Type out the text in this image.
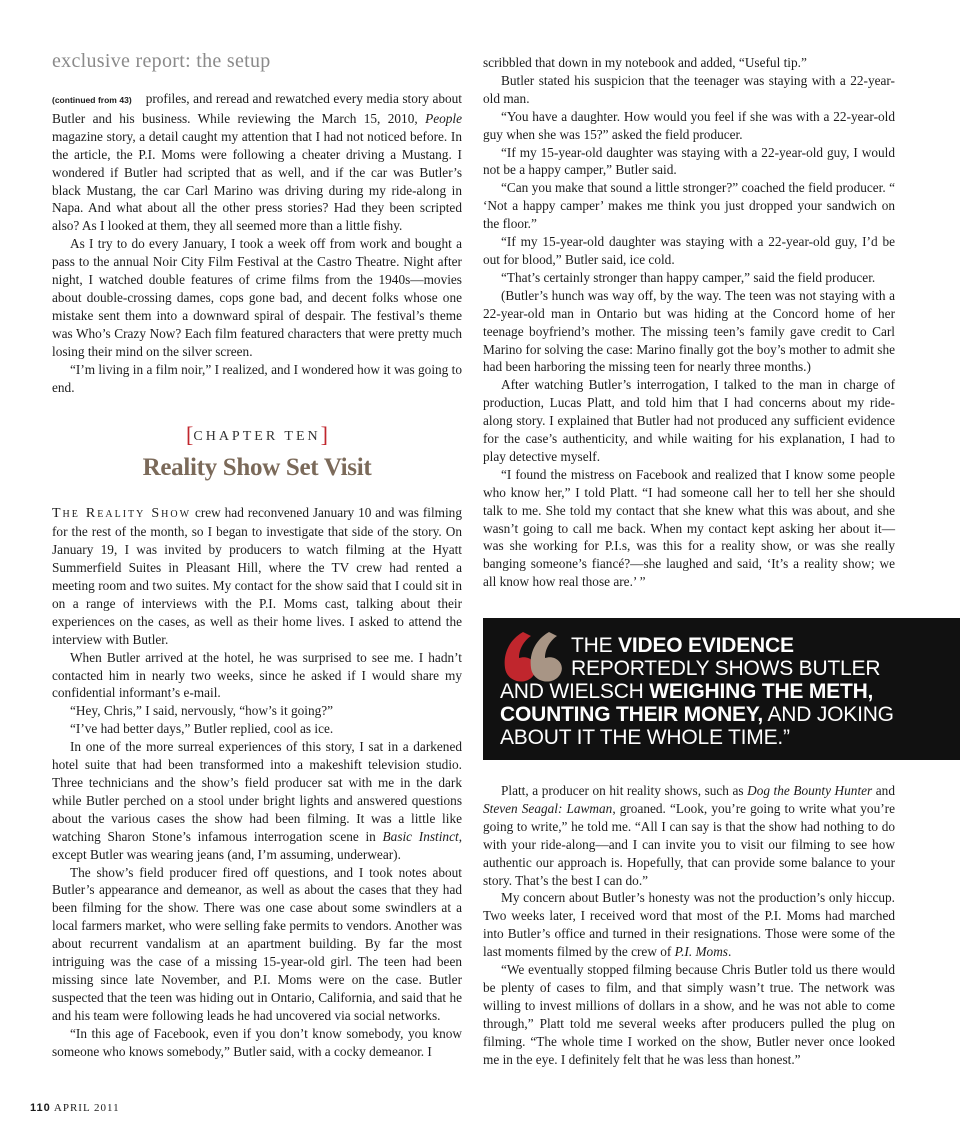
exclusive report: the setup

(continued from 43) profiles, and reread and rewatched every media story about Butler and his business. While reviewing the March 15, 2010, People magazine story, a detail caught my attention that I had not noticed before. In the article, the P.I. Moms were following a cheater driving a Mustang. I wondered if Butler had scripted that as well, and if the car was Butler’s black Mustang, the car Carl Marino was driving during my ride-along in Napa. And what about all the other press stories? Had they been scripted also? As I looked at them, they all seemed more than a little fishy.

As I try to do every January, I took a week off from work and bought a pass to the annual Noir City Film Festival at the Castro Theatre. Night after night, I watched double features of crime films from the 1940s—movies about double-crossing dames, cops gone bad, and decent folks whose one mistake sent them into a downward spiral of despair. The festival’s theme was Who’s Crazy Now? Each film featured characters that were pretty much losing their mind on the silver screen.

“I’m living in a film noir,” I realized, and I wondered how it was going to end.

[CHAPTER TEN]
Reality Show Set Visit

The Reality Show crew had reconvened January 10 and was filming for the rest of the month, so I began to investigate that side of the story. On January 19, I was invited by producers to watch filming at the Hyatt Summerfield Suites in Pleasant Hill, where the TV crew had rented a meeting room and two suites. My contact for the show said that I could sit in on a range of interviews with the P.I. Moms cast, talking about their experiences on the cases, as well as their home lives. I asked to attend the interview with Butler.

When Butler arrived at the hotel, he was surprised to see me. I hadn’t contacted him in nearly two weeks, since he asked if I would share my confidential informant’s e-mail.

“Hey, Chris,” I said, nervously, “how’s it going?”

“I’ve had better days,” Butler replied, cool as ice.

In one of the more surreal experiences of this story, I sat in a darkened hotel suite that had been transformed into a makeshift television studio. Three technicians and the show’s field producer sat with me in the dark while Butler perched on a stool under bright lights and answered questions about the various cases the show had been filming. It was a little like watching Sharon Stone’s infamous interrogation scene in Basic Instinct, except Butler was wearing jeans (and, I’m assuming, underwear).

The show’s field producer fired off questions, and I took notes about Butler’s appearance and demeanor, as well as about the cases that they had been filming for the show. There was one case about some swindlers at a local farmers market, who were selling fake permits to vendors. Another was about recurrent vandalism at an apartment building. By far the most intriguing was the case of a missing 15-year-old girl. The teen had been missing since late November, and P.I. Moms were on the case. Butler suspected that the teen was hiding out in Ontario, California, and said that he and his team were following leads he had uncovered via social networks.

“In this age of Facebook, even if you don’t know somebody, you know someone who knows somebody,” Butler said, with a cocky demeanor. I

scribbled that down in my notebook and added, “Useful tip.”

Butler stated his suspicion that the teenager was staying with a 22-year-old man.

“You have a daughter. How would you feel if she was with a 22-year-old guy when she was 15?” asked the field producer.

“If my 15-year-old daughter was staying with a 22-year-old guy, I would not be a happy camper,” Butler said.

“Can you make that sound a little stronger?” coached the field producer. “ ‘Not a happy camper’ makes me think you just dropped your sandwich on the floor.”

“If my 15-year-old daughter was staying with a 22-year-old guy, I’d be out for blood,” Butler said, ice cold.

“That’s certainly stronger than happy camper,” said the field producer.

(Butler’s hunch was way off, by the way. The teen was not staying with a 22-year-old man in Ontario but was hiding at the Concord home of her teenage boyfriend’s mother. The missing teen’s family gave credit to Carl Marino for solving the case: Marino finally got the boy’s mother to admit she had been harboring the missing teen for nearly three months.)

After watching Butler’s interrogation, I talked to the man in charge of production, Lucas Platt, and told him that I had concerns about my ride-along story. I explained that Butler had not produced any sufficient evidence for the case’s authenticity, and while waiting for his explanation, I had to play detective myself.

“I found the mistress on Facebook and realized that I know some people who know her,” I told Platt. “I had someone call her to tell her she should talk to me. She told my contact that she knew what this was about, and she wasn’t going to call me back. When my contact kept asking her about it—was she working for P.I.s, was this for a reality show, or was she really banging someone’s fiancé?—she laughed and said, ‘It’s a reality show; we all know how real those are.’ ”

THE VIDEO EVIDENCE
REPORTEDLY SHOWS BUTLER
AND WIELSCH WEIGHING THE METH,
COUNTING THEIR MONEY, AND JOKING
ABOUT IT THE WHOLE TIME.”

Platt, a producer on hit reality shows, such as Dog the Bounty Hunter and Steven Seagal: Lawman, groaned. “Look, you’re going to write what you’re going to write,” he told me. “All I can say is that the show had nothing to do with your ride-along—and I can invite you to visit our filming to see how authentic our approach is. Hopefully, that can provide some balance to your story. That’s the best I can do.”

My concern about Butler’s honesty was not the production’s only hiccup. Two weeks later, I received word that most of the P.I. Moms had marched into Butler’s office and turned in their resignations. Those were some of the last moments filmed by the crew of P.I. Moms.

“We eventually stopped filming because Chris Butler told us there would be plenty of cases to film, and that simply wasn’t true. The network was willing to invest millions of dollars in a show, and he was not able to come through,” Platt told me several weeks after producers pulled the plug on filming. “The whole time I worked on the show, Butler never once looked me in the eye. I definitely felt that he was less than honest.”

110 APRIL 2011
